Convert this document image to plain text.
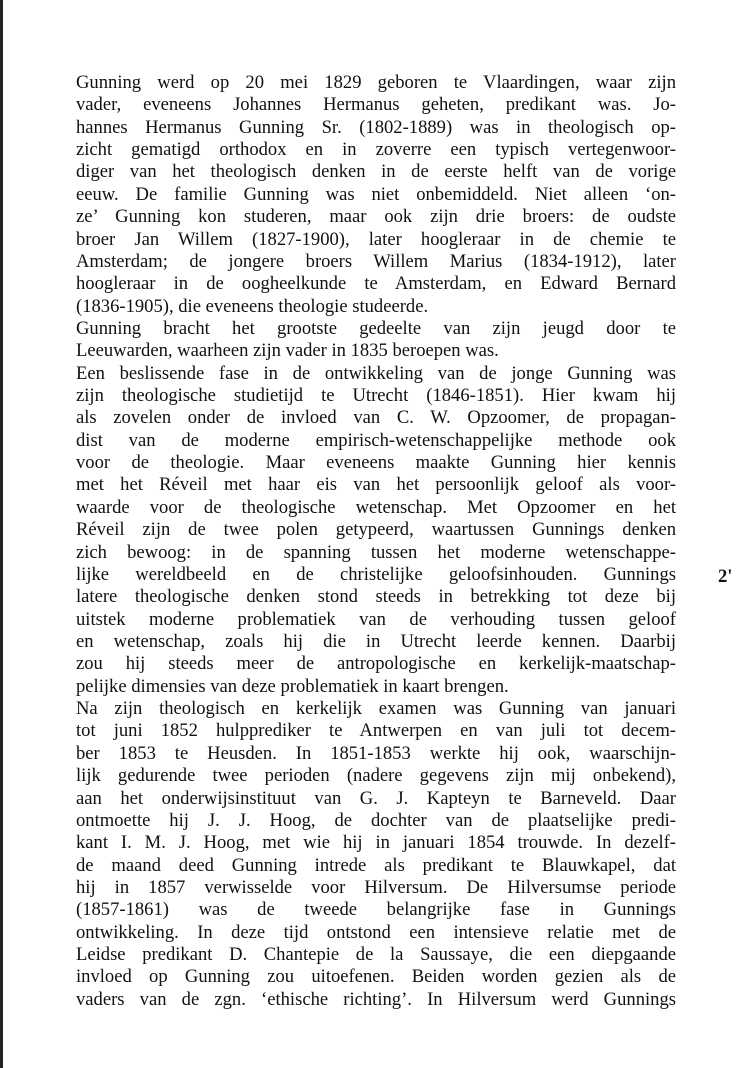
Gunning werd op 20 mei 1829 geboren te Vlaardingen, waar zijn
vader, eveneens Johannes Hermanus geheten, predikant was. Jo-
hannes Hermanus Gunning Sr. (1802-1889) was in theologisch op-
zicht gematigd orthodox en in zoverre een typisch vertegenwoor-
diger van het theologisch denken in de eerste helft van de vorige
eeuw. De familie Gunning was niet onbemiddeld. Niet alleen ‘on-
ze’ Gunning kon studeren, maar ook zijn drie broers: de oudste
broer Jan Willem (1827-1900), later hoogleraar in de chemie te
Amsterdam; de jongere broers Willem Marius (1834-1912), later
hoogleraar in de oogheelkunde te Amsterdam, en Edward Bernard
(1836-1905), die eveneens theologie studeerde.
Gunning bracht het grootste gedeelte van zijn jeugd door te
Leeuwarden, waarheen zijn vader in 1835 beroepen was.
Een beslissende fase in de ontwikkeling van de jonge Gunning was
zijn theologische studietijd te Utrecht (1846-1851). Hier kwam hij
als zovelen onder de invloed van C. W. Opzoomer, de propagan-
dist van de moderne empirisch-wetenschappelijke methode ook
voor de theologie. Maar eveneens maakte Gunning hier kennis
met het Réveil met haar eis van het persoonlijk geloof als voor-
waarde voor de theologische wetenschap. Met Opzoomer en het
Réveil zijn de twee polen getypeerd, waartussen Gunnings denken
zich bewoog: in de spanning tussen het moderne wetenschappe-
lijke wereldbeeld en de christelijke geloofsinhouden. Gunnings
latere theologische denken stond steeds in betrekking tot deze bij
uitstek moderne problematiek van de verhouding tussen geloof
en wetenschap, zoals hij die in Utrecht leerde kennen. Daarbij
zou hij steeds meer de antropologische en kerkelijk-maatschap-
pelijke dimensies van deze problematiek in kaart brengen.
Na zijn theologisch en kerkelijk examen was Gunning van januari
tot juni 1852 hulpprediker te Antwerpen en van juli tot decem-
ber 1853 te Heusden. In 1851-1853 werkte hij ook, waarschijn-
lijk gedurende twee perioden (nadere gegevens zijn mij onbekend),
aan het onderwijsinstituut van G. J. Kapteyn te Barneveld. Daar
ontmoette hij J. J. Hoog, de dochter van de plaatselijke predi-
kant I. M. J. Hoog, met wie hij in januari 1854 trouwde. In dezelf-
de maand deed Gunning intrede als predikant te Blauwkapel, dat
hij in 1857 verwisselde voor Hilversum. De Hilversumse periode
(1857-1861) was de tweede belangrijke fase in Gunnings
ontwikkeling. In deze tijd ontstond een intensieve relatie met de
Leidse predikant D. Chantepie de la Saussaye, die een diepgaande
invloed op Gunning zou uitoefenen. Beiden worden gezien als de
vaders van de zgn. ‘ethische richting’. In Hilversum werd Gunnings
2'
